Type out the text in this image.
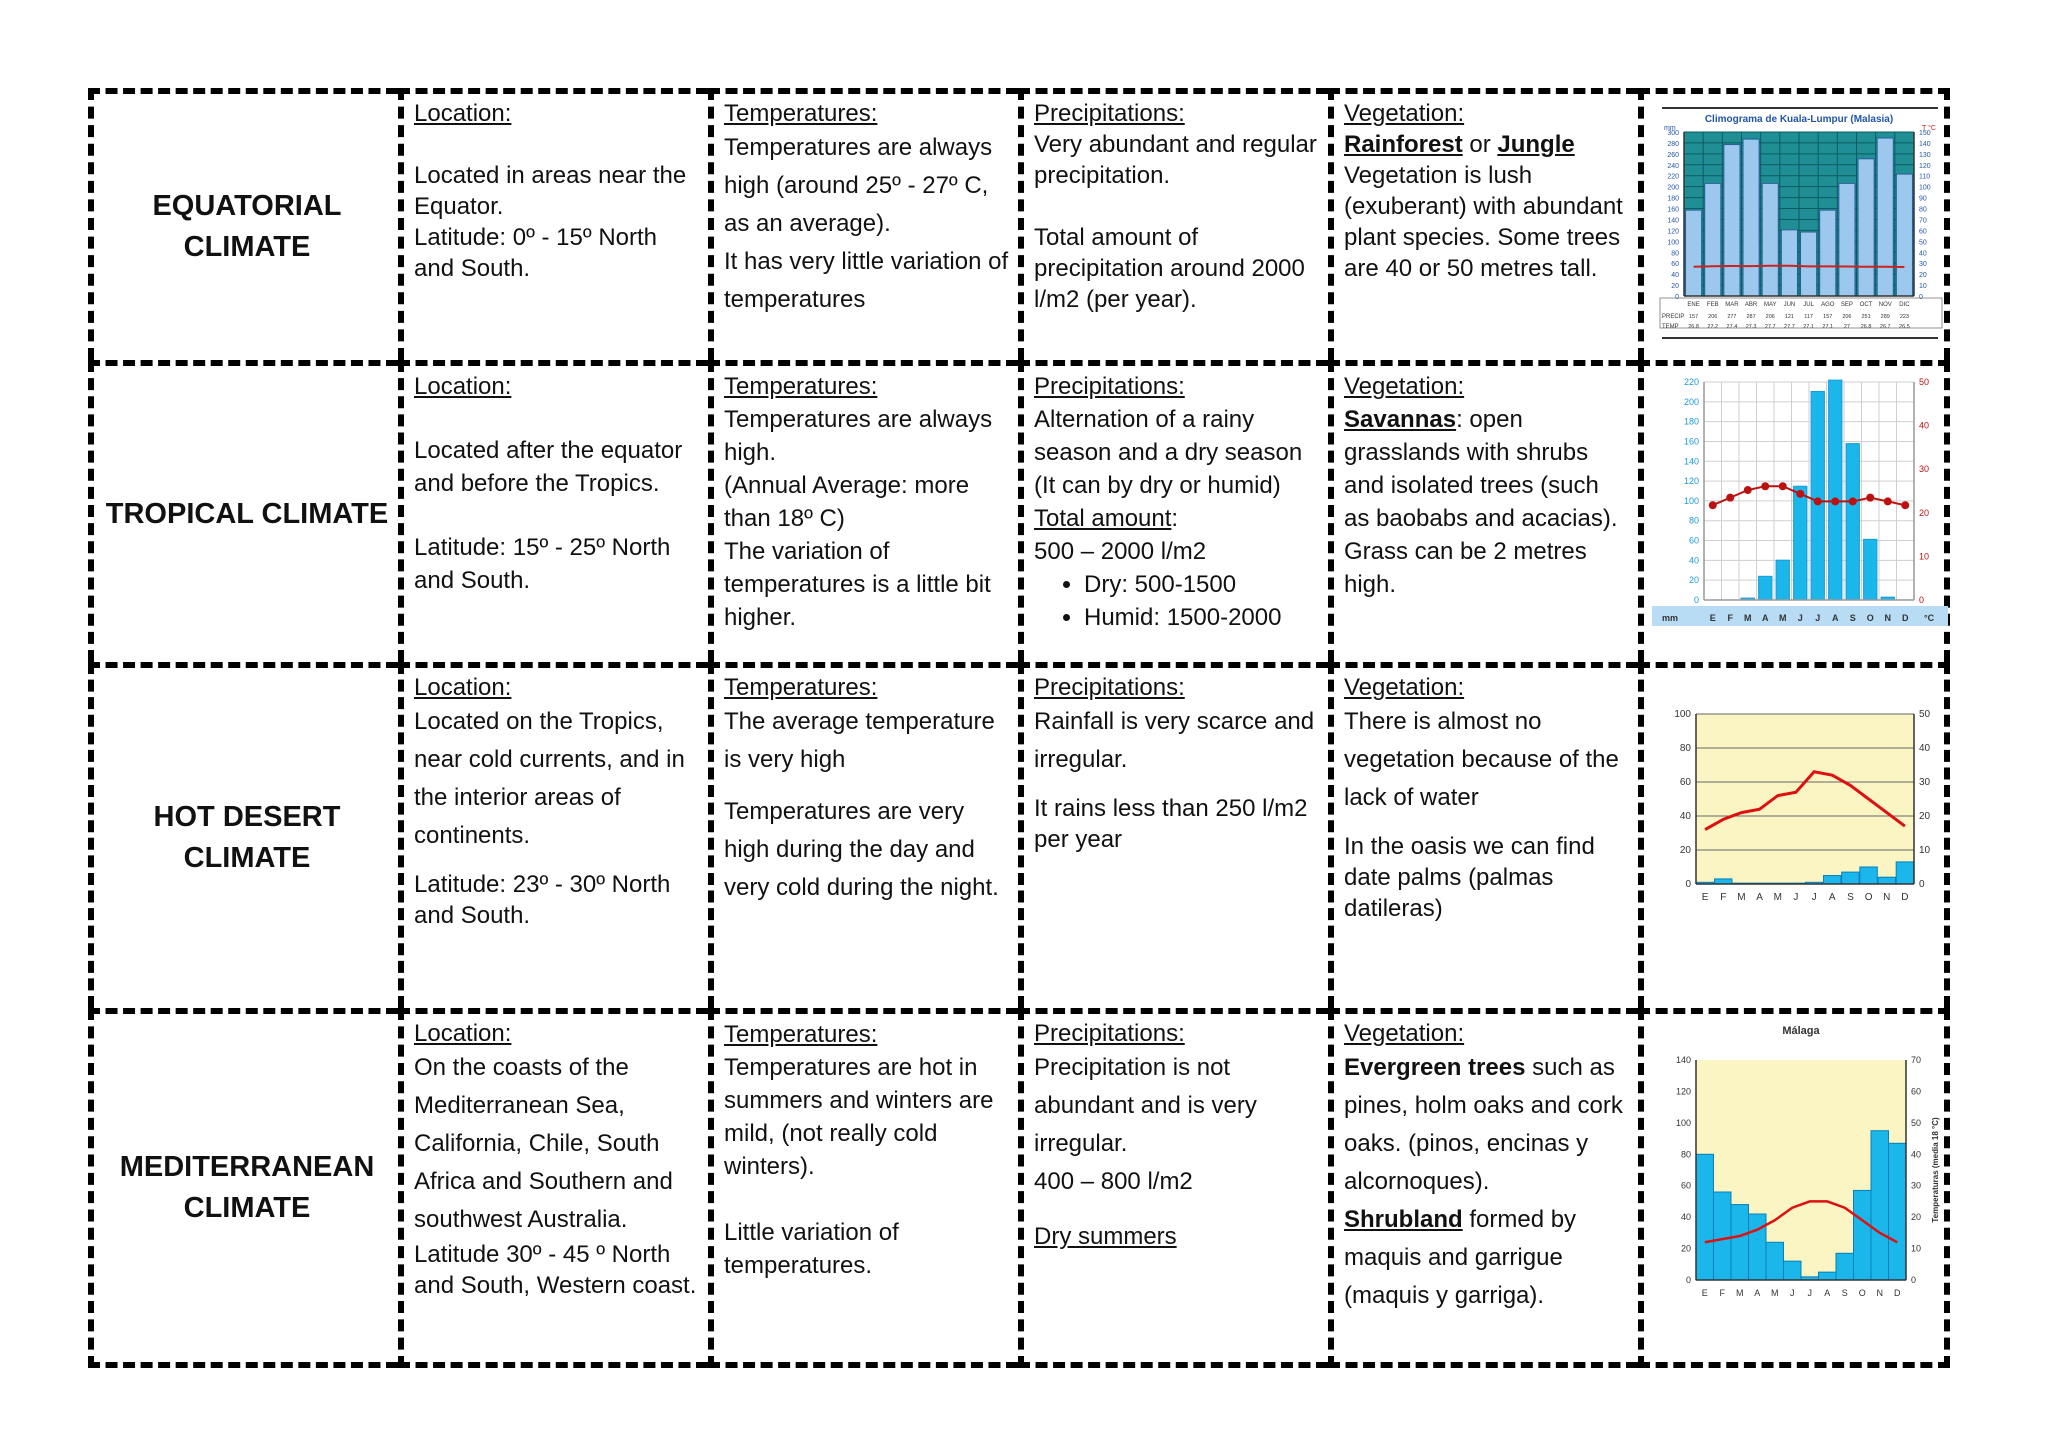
EQUATORIAL
CLIMATE
Location:
Located in areas near the Equator.
Latitude: 0º - 15º North and South.
Temperatures:
Temperatures are always high (around 25º - 27º C, as an average).
It has very little variation of temperatures
Precipitations:
Very abundant and regular precipitation.
Total amount of precipitation around 2000 l/m2 (per year).
Vegetation:
Rainforest or Jungle
Vegetation is lush (exuberant) with abundant plant species. Some trees are 40 or 50 metres tall.
Climograma de Kuala-Lumpur (Malasia)
300
280
260
240
220
200
180
160
140
120
100
80
60
40
20
0
150
140
130
120
110
100
90
80
70
60
50
40
30
20
10
0
ENE FEB MAR ABR MAY JUN JUL AGO SEP OCT NOV DIC
mm	T °C
PRECIP
TEMP
157 206 277 287 206 121 117 157 206 251 289 223
26.8 27.2 27.4 27.3 27.7 27.7 27.1 27.1 27 26.8 26.7 26.5
TROPICAL CLIMATE
Location:
Located after the equator and before the Tropics.
Latitude: 15º - 25º North and South.
Temperatures:
Temperatures are always high.
(Annual Average: more than 18º C)
The variation of temperatures is a little bit higher.
Precipitations:
Alternation of a rainy season and a dry season (It can by dry or humid)
Total amount:
500 – 2000 l/m2
• Dry: 500-1500
• Humid: 1500-2000
Vegetation:
Savannas: open grasslands with shrubs and isolated trees (such as baobabs and acacias). Grass can be 2 metres high.
220
200
180
160
140
120
100
80
60
40
20
0
50
40
30
20
10
0
E F M A M J J A S O N D
mm	°C
HOT DESERT
CLIMATE
Location:
Located on the Tropics, near cold currents, and in the interior areas of continents.
Latitude: 23º - 30º North and South.
Temperatures:
The average temperature is very high
Temperatures are very high during the day and very cold during the night.
Precipitations:
Rainfall is very scarce and irregular.
It rains less than 250 l/m2 per year
Vegetation:
There is almost no vegetation because of the lack of water
In the oasis we can find date palms (palmas datileras)
100
80
60
40
20
0
50
40
30
20
10
0
E F M A M J J A S O N D
MEDITERRANEAN
CLIMATE
Location:
On the coasts of the Mediterranean Sea, California, Chile, South Africa and Southern and southwest Australia.
Latitude 30º - 45 º North and South, Western coast.
Temperatures:
Temperatures are hot in summers and winters are mild, (not really cold winters).
Little variation of temperatures.
Precipitations:
Precipitation is not abundant and is very irregular.
400 – 800 l/m2
Dry summers
Vegetation:
Evergreen trees such as pines, holm oaks and cork oaks. (pinos, encinas y alcornoques).
Shrubland formed by maquis and garrigue (maquis y garriga).
Málaga
140
120
100
80
60
40
20
0
70
60
50
40
30
20
10
0
E F M A M J J A S O N D
Temperaturas (media 18 °C)
